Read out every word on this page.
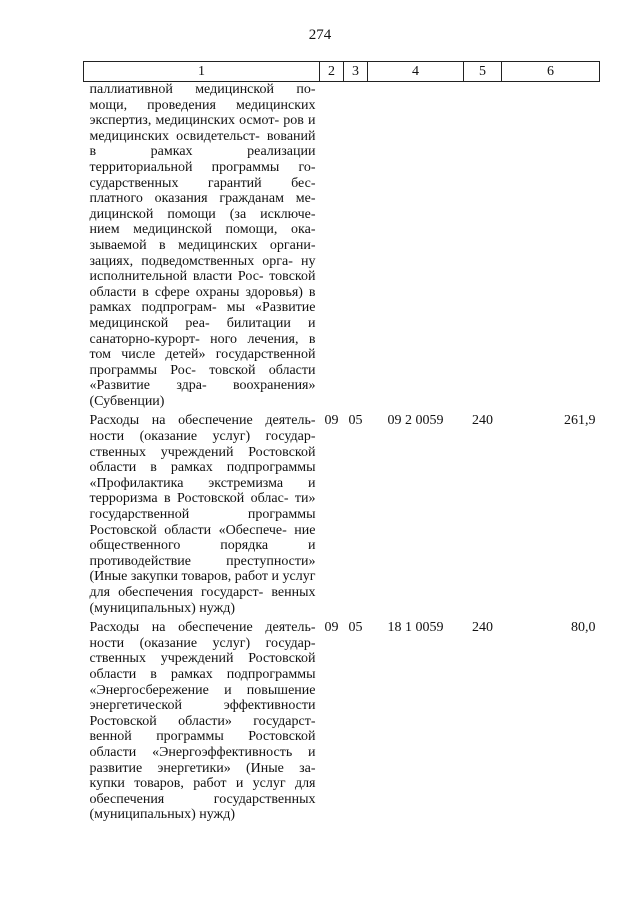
274
1	2	3	4	5	6

паллиативной медицинской по- мощи, проведения медицинских экспертиз, медицинских осмот- ров и медицинских освидетельст- вований в рамках реализации территориальной программы го- сударственных гарантий бес- платного оказания гражданам ме- дицинской помощи (за исключе- нием медицинской помощи, ока- зываемой в медицинских органи- зациях, подведомственных орга- ну исполнительной власти Рос- товской области в сфере охраны здоровья) в рамках подпрограм- мы «Развитие медицинской реа- билитации и санаторно-курорт- ного лечения, в том числе детей» государственной программы Рос- товской области «Развитие здра- воохранения» (Субвенции)					

Расходы на обеспечение деятель- ности (оказание услуг) государ- ственных учреждений Ростовской области в рамках подпрограммы «Профилактика экстремизма и терроризма в Ростовской облас- ти» государственной программы Ростовской области «Обеспече- ние общественного порядка и противодействие преступности» (Иные закупки товаров, работ и услуг для обеспечения государст- венных (муниципальных) нужд)	09	05	09 2 0059	240	261,9

Расходы на обеспечение деятель- ности (оказание услуг) государ- ственных учреждений Ростовской области в рамках подпрограммы «Энергосбережение и повышение энергетической эффективности Ростовской области» государст- венной программы Ростовской области «Энергоэффективность и развитие энергетики» (Иные за- купки товаров, работ и услуг для обеспечения государственных (муниципальных) нужд)	09	05	18 1 0059	240	80,0
